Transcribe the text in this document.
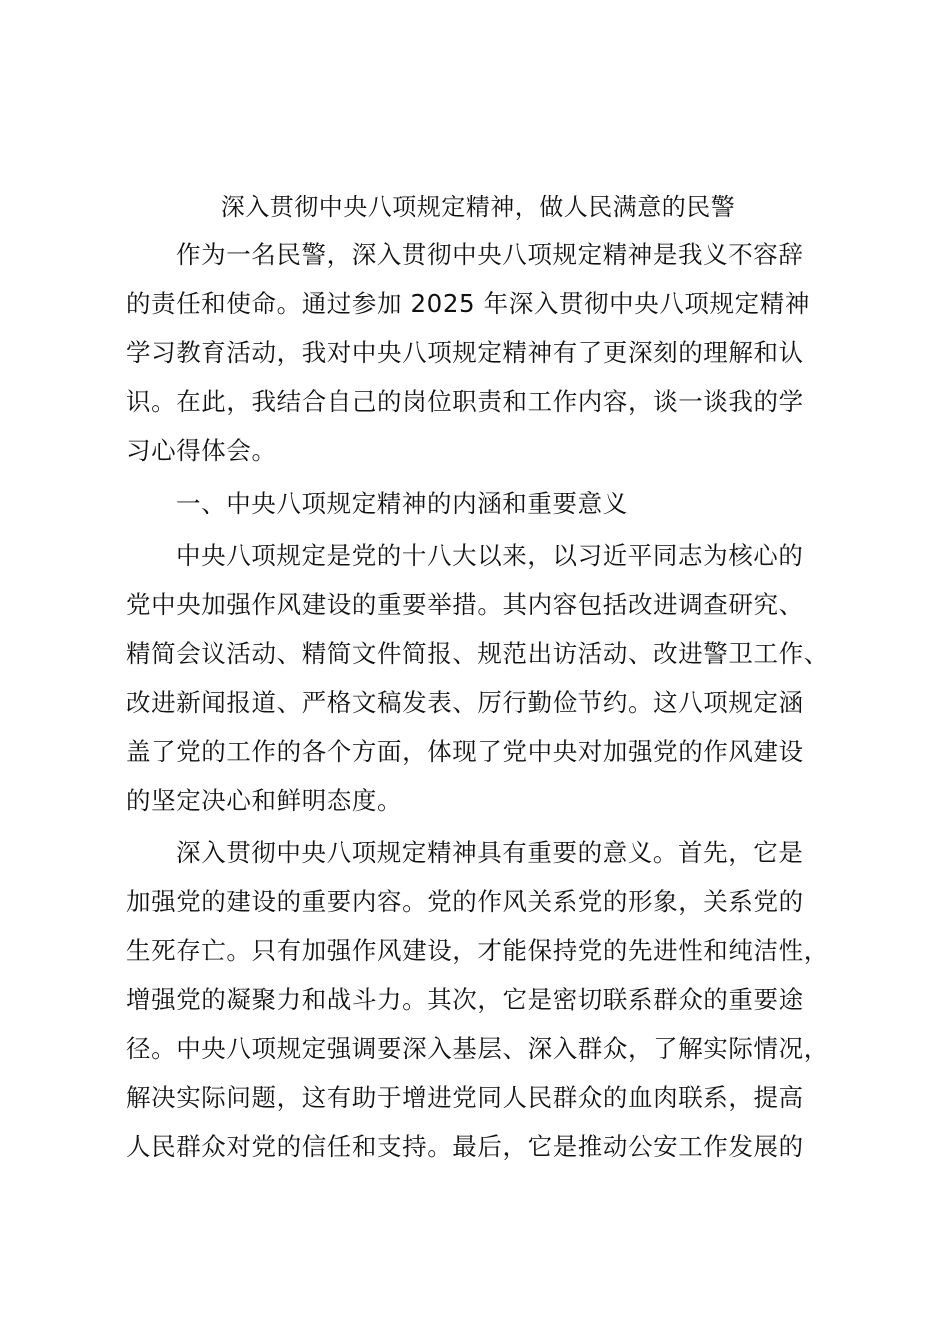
深入贯彻中央八项规定精神，做人民满意的民警
作为一名民警，深入贯彻中央八项规定精神是我义不容辞
的责任和使命。通过参加 2025 年深入贯彻中央八项规定精神
学习教育活动，我对中央八项规定精神有了更深刻的理解和认
识。在此，我结合自己的岗位职责和工作内容，谈一谈我的学
习心得体会。
一、中央八项规定精神的内涵和重要意义
中央八项规定是党的十八大以来，以习近平同志为核心的
党中央加强作风建设的重要举措。其内容包括改进调查研究、
精简会议活动、精简文件简报、规范出访活动、改进警卫工作、
改进新闻报道、严格文稿发表、厉行勤俭节约。这八项规定涵
盖了党的工作的各个方面，体现了党中央对加强党的作风建设
的坚定决心和鲜明态度。
深入贯彻中央八项规定精神具有重要的意义。首先，它是
加强党的建设的重要内容。党的作风关系党的形象，关系党的
生死存亡。只有加强作风建设，才能保持党的先进性和纯洁性，
增强党的凝聚力和战斗力。其次，它是密切联系群众的重要途
径。中央八项规定强调要深入基层、深入群众，了解实际情况，
解决实际问题，这有助于增进党同人民群众的血肉联系，提高
人民群众对党的信任和支持。最后，它是推动公安工作发展的
